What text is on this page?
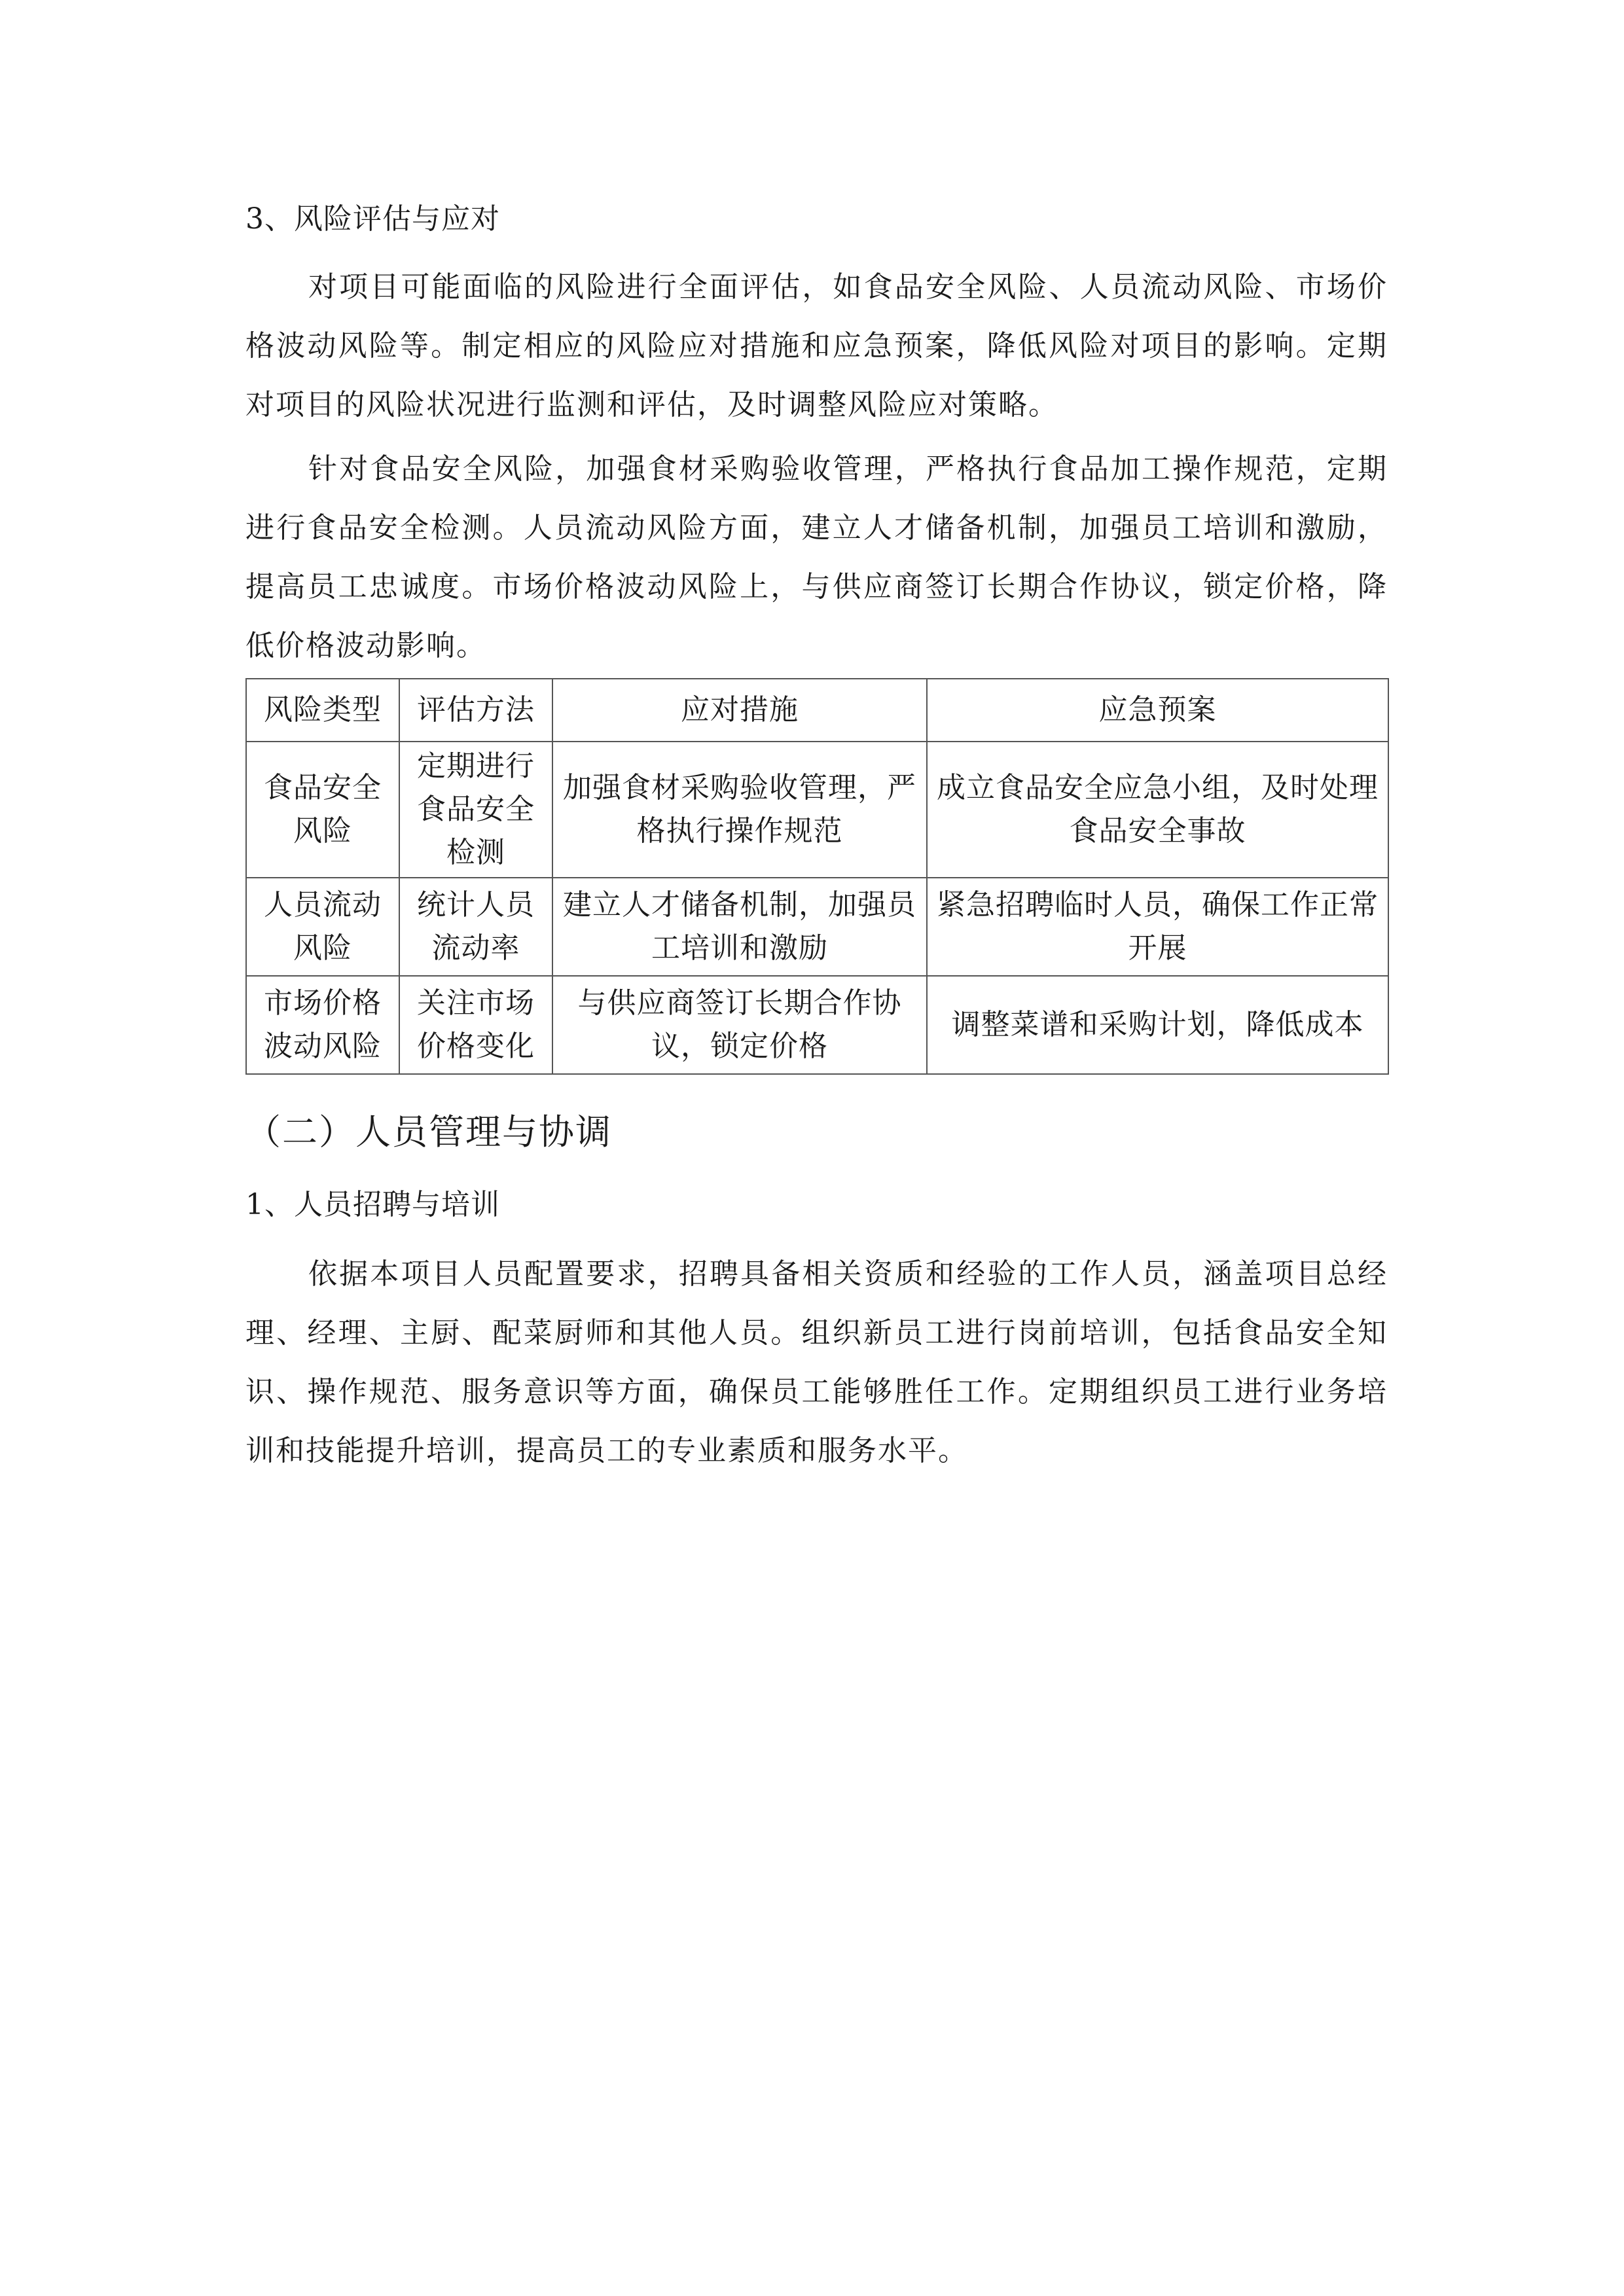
3、风险评估与应对

对项目可能面临的风险进行全面评估，如食品安全风险、人员流动风险、市场价格波动风险等。制定相应的风险应对措施和应急预案，降低风险对项目的影响。定期对项目的风险状况进行监测和评估，及时调整风险应对策略。

针对食品安全风险，加强食材采购验收管理，严格执行食品加工操作规范，定期进行食品安全检测。人员流动风险方面，建立人才储备机制，加强员工培训和激励，提高员工忠诚度。市场价格波动风险上，与供应商签订长期合作协议，锁定价格，降低价格波动影响。

风险类型	评估方法	应对措施	应急预案
食品安全风险	定期进行食品安全检测	加强食材采购验收管理，严格执行操作规范	成立食品安全应急小组，及时处理食品安全事故
人员流动风险	统计人员流动率	建立人才储备机制，加强员工培训和激励	紧急招聘临时人员，确保工作正常开展
市场价格波动风险	关注市场价格变化	与供应商签订长期合作协议，锁定价格	调整菜谱和采购计划，降低成本
（二）人员管理与协调
1、人员招聘与培训

依据本项目人员配置要求，招聘具备相关资质和经验的工作人员，涵盖项目总经理、经理、主厨、配菜厨师和其他人员。组织新员工进行岗前培训，包括食品安全知识、操作规范、服务意识等方面，确保员工能够胜任工作。定期组织员工进行业务培训和技能提升培训，提高员工的专业素质和服务水平。
